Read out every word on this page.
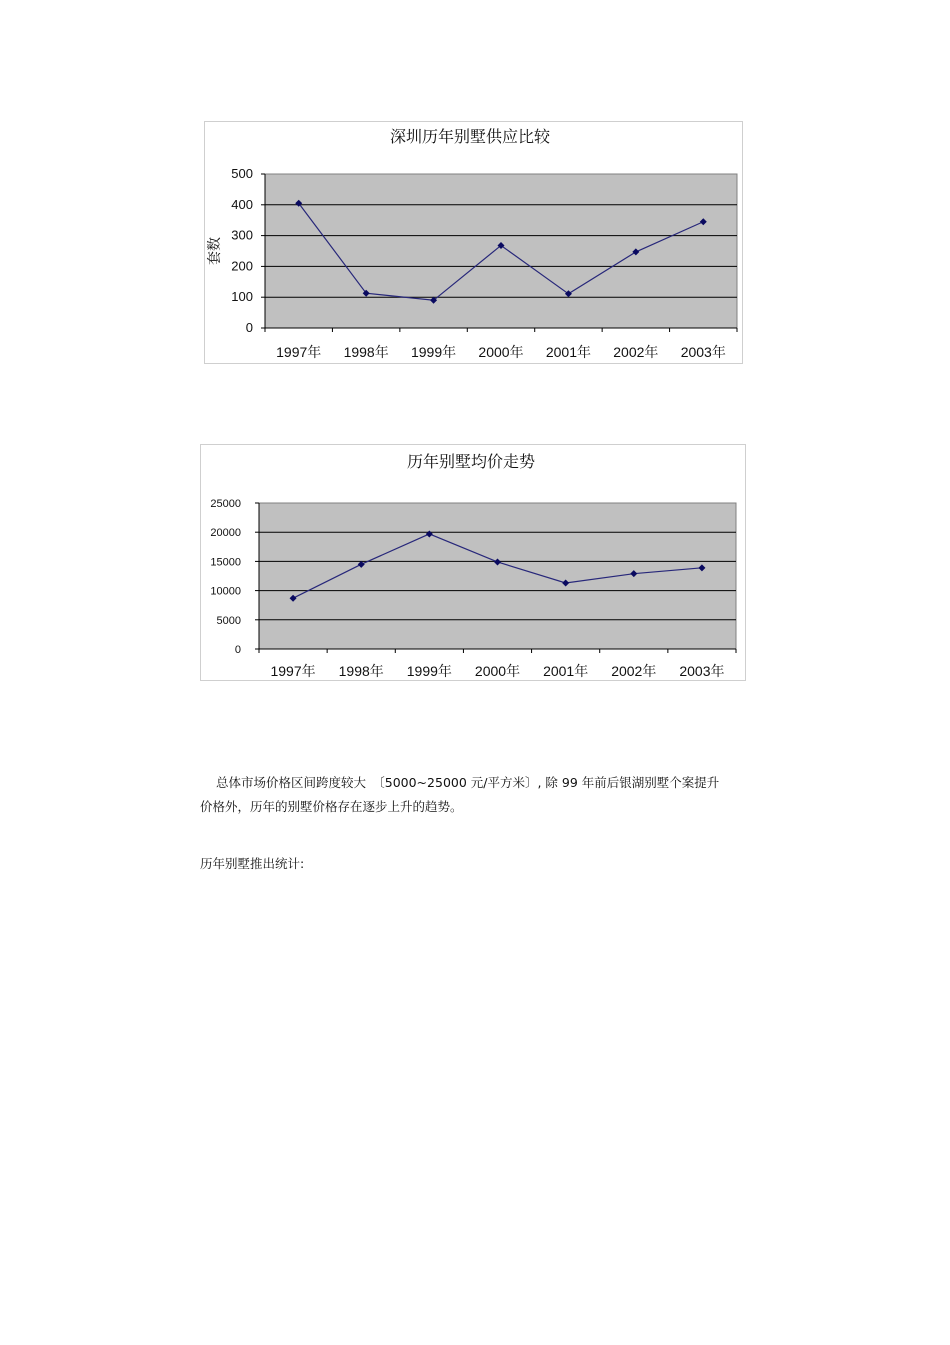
深圳历年别墅供应比较
0
100
200
300
400
500
1997年 1998年 1999年 2000年 2001年 2002年 2003年
套数
历年别墅均价走势
0
5000
10000
15000
20000
25000
1997年 1998年 1999年 2000年 2001年 2002年 2003年
总体市场价格区间跨度较大　〔5000~25000 元/平方米〕, 除 99 年前后银湖别墅个案提升
价格外，历年的别墅价格存在逐步上升的趋势。
历年别墅推出统计:
